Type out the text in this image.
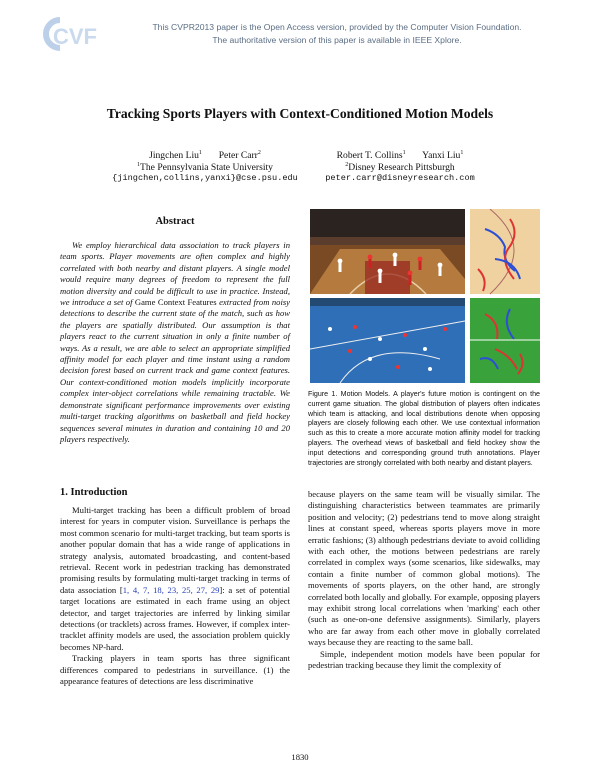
CVF	This CVPR2013 paper is the Open Access version, provided by the Computer Vision Foundation.
The authoritative version of this paper is available in IEEE Xplore.
Tracking Sports Players with Context-Conditioned Motion Models
Jingchen Liu$^1$ Peter Carr$^2$
$^1$The Pennsylvania State University
{jingchen,collins,yanxi}@cse.psu.edu
Robert T. Collins$^1$ Yanxi Liu$^1$
$^2$Disney Research Pittsburgh
peter.carr@disneyresearch.com
Abstract

We employ hierarchical data association to track players in team sports. Player movements are often complex and highly correlated with both nearby and distant players. A single model would require many degrees of freedom to represent the full motion diversity and could be difficult to use in practice. Instead, we introduce a set of Game Context Features extracted from noisy detections to describe the current state of the match, such as how the players are spatially distributed. Our assumption is that players react to the current situation in only a finite number of ways. As a result, we are able to select an appropriate simplified affinity model for each player and time instant using a random decision forest based on current track and game context features. Our context-conditioned motion models implicitly incorporate complex inter-object correlations while remaining tractable. We demonstrate significant performance improvements over existing multi-target tracking algorithms on basketball and field hockey sequences several minutes in duration and containing 10 and 20 players respectively.

Figure 1. Motion Models. A player's future motion is contingent on the current game situation. The global distribution of players often indicates which team is attacking, and local distributions denote when opposing players are closely following each other. We use contextual information such as this to create a more accurate motion affinity model for tracking players. The overhead views of basketball and field hockey show the input detections and corresponding ground truth annotations. Player trajectories are strongly correlated with both nearby and distant players.
1. Introduction

Multi-target tracking has been a difficult problem of broad interest for years in computer vision. Surveillance is perhaps the most common scenario for multi-target tracking, but team sports is another popular domain that has a wide range of applications in strategy analysis, automated broadcasting, and content-based retrieval. Recent work in pedestrian tracking has demonstrated promising results by formulating multi-target tracking in terms of data association [1, 4, 7, 18, 23, 25, 27, 29]: a set of potential target locations are estimated in each frame using an object detector, and target trajectories are inferred by linking similar detections (or tracklets) across frames. However, if complex inter-tracklet affinity models are used, the association problem quickly becomes NP-hard.

Tracking players in team sports has three significant differences compared to pedestrians in surveillance. (1) the appearance features of detections are less discriminative

because players on the same team will be visually similar. The distinguishing characteristics between teammates are primarily position and velocity; (2) pedestrians tend to move along straight lines at constant speed, whereas sports players move in more erratic fashions; (3) although pedestrians deviate to avoid colliding with each other, the motions between pedestrians are rarely correlated in complex ways (some scenarios, like sidewalks, may contain a finite number of common global motions). The movements of sports players, on the other hand, are strongly correlated both locally and globally. For example, opposing players may exhibit strong local correlations when 'marking' each other (such as one-on-one defensive assignments). Similarly, players who are far away from each other move in globally correlated ways because they are reacting to the same ball.

Simple, independent motion models have been popular for pedestrian tracking because they limit the complexity of

1830
